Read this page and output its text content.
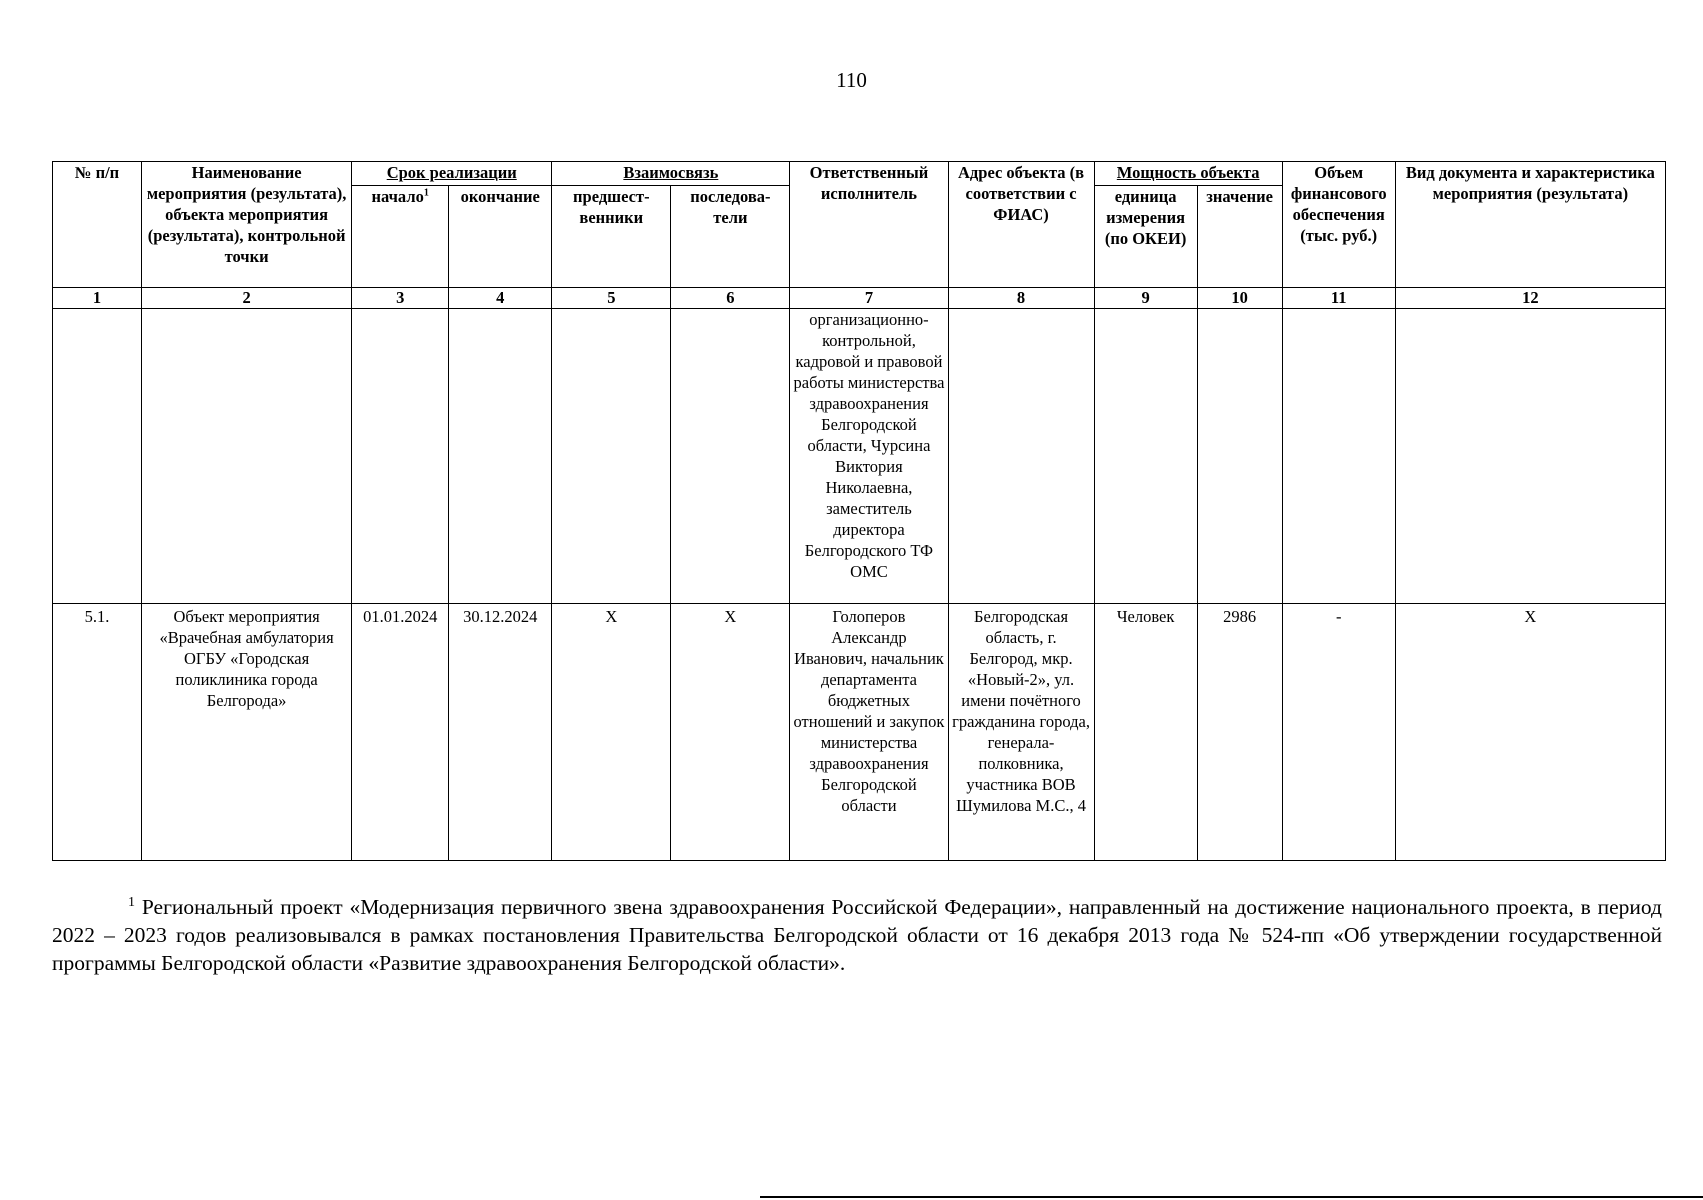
110
№ п/п	Наименование мероприятия (результата), объекта мероприятия (результата), контрольной точки	Срок реализации		Взаимосвязь		Ответственный исполнитель	Адрес объекта (в соответствии с ФИАС)	Мощность объекта		Объем финансового обеспечения (тыс. руб.)	Вид документа и характеристика мероприятия (результата)
		начало$^1$	окончание	предшест-венники	последова-тели			единица измерения (по ОКЕИ)	значение		
1	2	3	4	5	6	7	8	9	10	11	12
						организационно-контрольной, кадровой и правовой работы министерства здравоохранения Белгородской области, Чурсина Виктория Николаевна, заместитель директора Белгородского ТФ ОМС					
5.1.	Объект мероприятия «Врачебная амбулатория ОГБУ «Городская поликлиника города Белгорода»	01.01.2024	30.12.2024	X	X	Голоперов Александр Иванович, начальник департамента бюджетных отношений и закупок министерства здравоохранения Белгородской области	Белгородская область, г. Белгород, мкр. «Новый-2», ул. имени почётного гражданина города, генерала-полковника, участника ВОВ Шумилова М.С., 4	Человек	2986	-	X
$^1$ Региональный проект «Модернизация первичного звена здравоохранения Российской Федерации», направленный на достижение национального проекта, в период 2022 – 2023 годов реализовывался в рамках постановления Правительства Белгородской области от 16 декабря 2013 года № 524-пп «Об утверждении государственной программы Белгородской области «Развитие здравоохранения Белгородской области».
